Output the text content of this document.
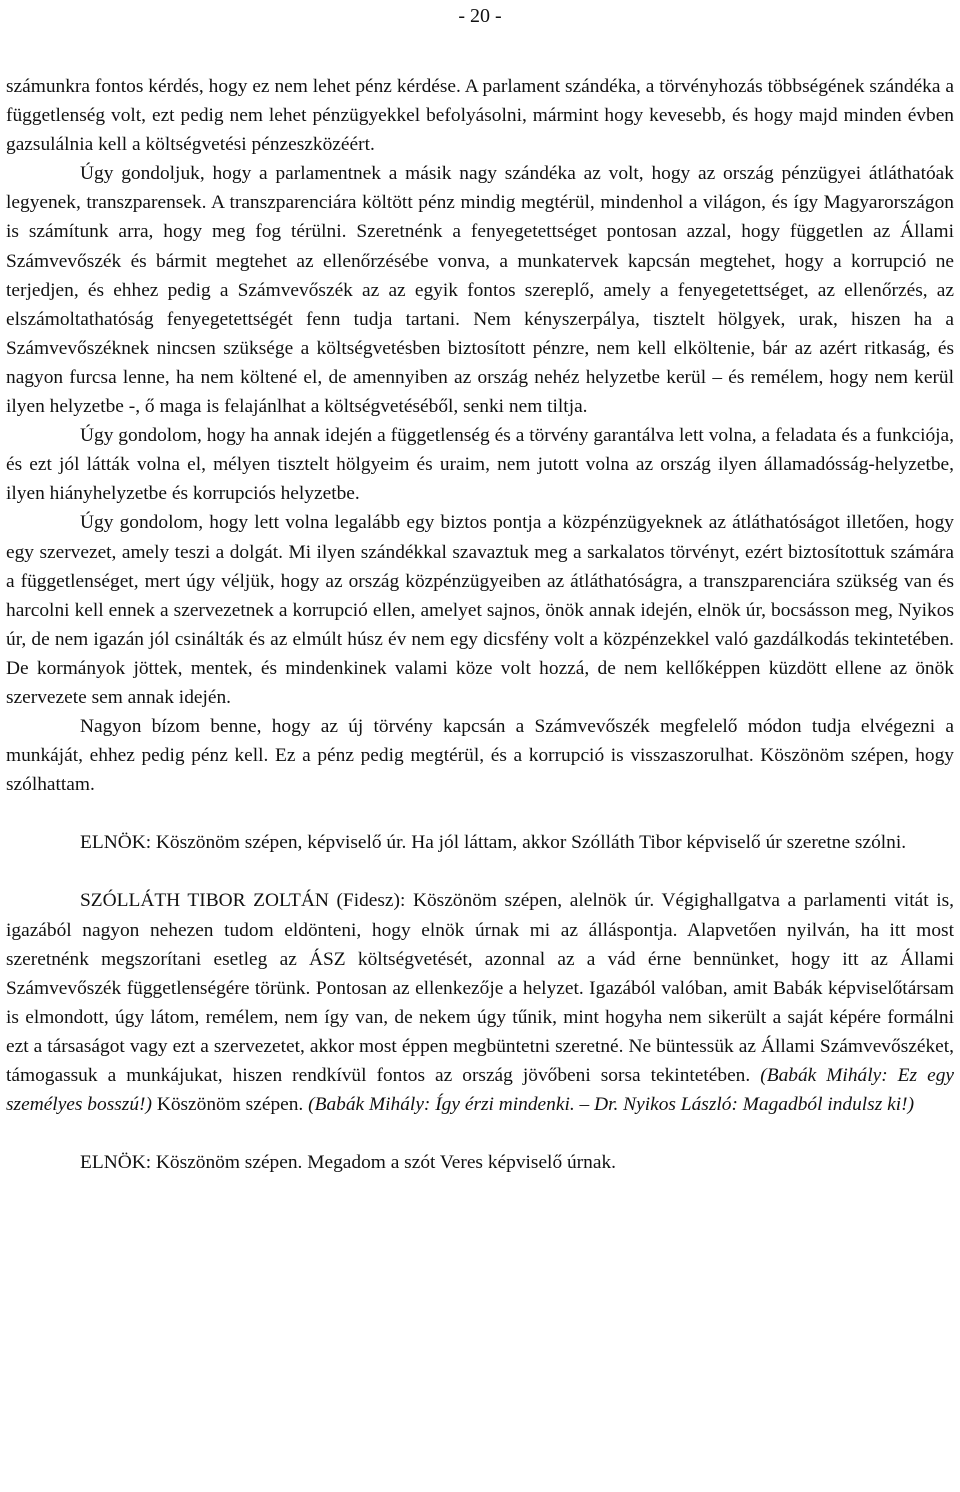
- 20 -

számunkra fontos kérdés, hogy ez nem lehet pénz kérdése. A parlament szándéka, a törvényhozás többségének szándéka a függetlenség volt, ezt pedig nem lehet pénzügyekkel befolyásolni, mármint hogy kevesebb, és hogy majd minden évben gazsulálnia kell a költségvetési pénzeszközéért.

Úgy gondoljuk, hogy a parlamentnek a másik nagy szándéka az volt, hogy az ország pénzügyei átláthatóak legyenek, transzparensek. A transzparenciára költött pénz mindig megtérül, mindenhol a világon, és így Magyarországon is számítunk arra, hogy meg fog térülni. Szeretnénk a fenyegetettséget pontosan azzal, hogy független az Állami Számvevőszék és bármit megtehet az ellenőrzésébe vonva, a munkatervek kapcsán megtehet, hogy a korrupció ne terjedjen, és ehhez pedig a Számvevőszék az az egyik fontos szereplő, amely a fenyegetettséget, az ellenőrzés, az elszámoltathatóság fenyegetettségét fenn tudja tartani. Nem kényszerpálya, tisztelt hölgyek, urak, hiszen ha a Számvevőszéknek nincsen szüksége a költségvetésben biztosított pénzre, nem kell elköltenie, bár az azért ritkaság, és nagyon furcsa lenne, ha nem költené el, de amennyiben az ország nehéz helyzetbe kerül – és remélem, hogy nem kerül ilyen helyzetbe -, ő maga is felajánlhat a költségvetéséből, senki nem tiltja.

Úgy gondolom, hogy ha annak idején a függetlenség és a törvény garantálva lett volna, a feladata és a funkciója, és ezt jól látták volna el, mélyen tisztelt hölgyeim és uraim, nem jutott volna az ország ilyen államadósság-helyzetbe, ilyen hiányhelyzetbe és korrupciós helyzetbe.

Úgy gondolom, hogy lett volna legalább egy biztos pontja a közpénzügyeknek az átláthatóságot illetően, hogy egy szervezet, amely teszi a dolgát. Mi ilyen szándékkal szavaztuk meg a sarkalatos törvényt, ezért biztosítottuk számára a függetlenséget, mert úgy véljük, hogy az ország közpénzügyeiben az átláthatóságra, a transzparenciára szükség van és harcolni kell ennek a szervezetnek a korrupció ellen, amelyet sajnos, önök annak idején, elnök úr, bocsásson meg, Nyikos úr, de nem igazán jól csinálták és az elmúlt húsz év nem egy dicsfény volt a közpénzekkel való gazdálkodás tekintetében. De kormányok jöttek, mentek, és mindenkinek valami köze volt hozzá, de nem kellőképpen küzdött ellene az önök szervezete sem annak idején.

Nagyon bízom benne, hogy az új törvény kapcsán a Számvevőszék megfelelő módon tudja elvégezni a munkáját, ehhez pedig pénz kell. Ez a pénz pedig megtérül, és a korrupció is visszaszorulhat. Köszönöm szépen, hogy szólhattam.

ELNÖK: Köszönöm szépen, képviselő úr. Ha jól láttam, akkor Szólláth Tibor képviselő úr szeretne szólni.

SZÓLLÁTH TIBOR ZOLTÁN (Fidesz): Köszönöm szépen, alelnök úr. Végighallgatva a parlamenti vitát is, igazából nagyon nehezen tudom eldönteni, hogy elnök úrnak mi az álláspontja. Alapvetően nyilván, ha itt most szeretnénk megszorítani esetleg az ÁSZ költségvetését, azonnal az a vád érne bennünket, hogy itt az Állami Számvevőszék függetlenségére törünk. Pontosan az ellenkezője a helyzet. Igazából valóban, amit Babák képviselőtársam is elmondott, úgy látom, remélem, nem így van, de nekem úgy tűnik, mint hogyha nem sikerült a saját képére formálni ezt a társaságot vagy ezt a szervezetet, akkor most éppen megbüntetni szeretné. Ne büntessük az Állami Számvevőszéket, támogassuk a munkájukat, hiszen rendkívül fontos az ország jövőbeni sorsa tekintetében. (Babák Mihály: Ez egy személyes bosszú!) Köszönöm szépen. (Babák Mihály: Így érzi mindenki. – Dr. Nyikos László: Magadból indulsz ki!)

ELNÖK: Köszönöm szépen. Megadom a szót Veres képviselő úrnak.
